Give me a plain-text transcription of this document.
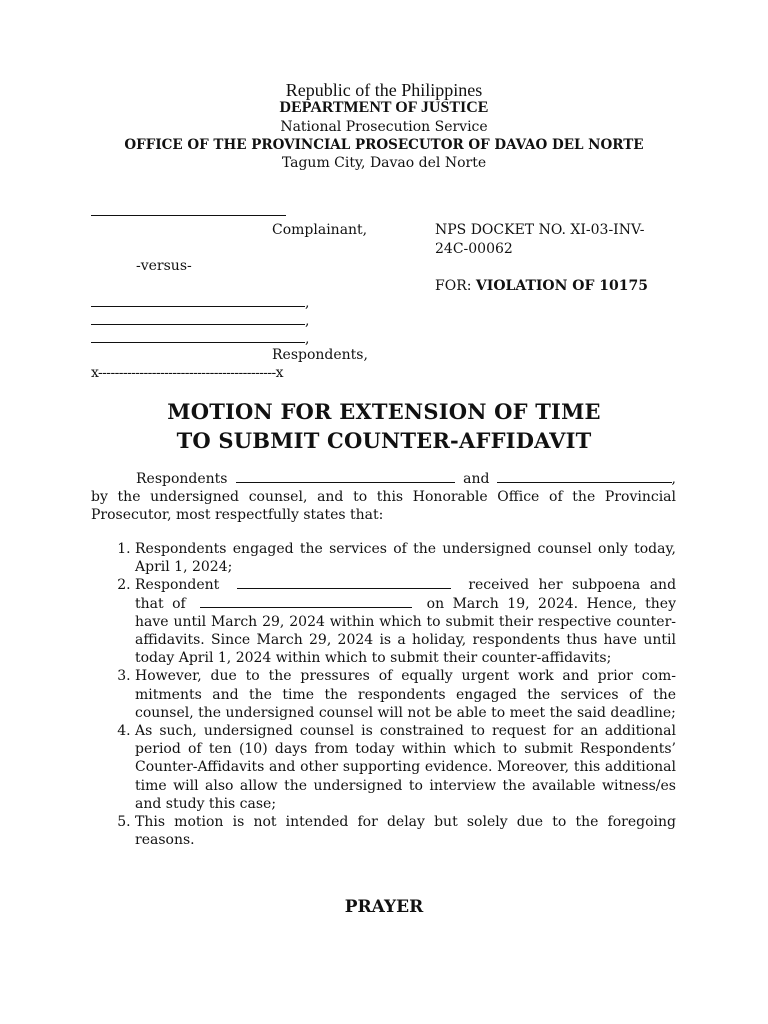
Republic of the Philippines
DEPARTMENT OF JUSTICE
National Prosecution Service
OFFICE OF THE PROVINCIAL PROSECUTOR OF DAVAO DEL NORTE
Tagum City, Davao del Norte
Complainant,
-versus-
,
,
,
Respondents,
x-------------------------------------------x
NPS DOCKET NO. XI-03-INV-
24C-00062
FOR: VIOLATION OF 10175
MOTION FOR EXTENSION OF TIME
TO SUBMIT COUNTER-AFFIDAVIT
Respondents	and	,
by the undersigned counsel, and to this Honorable Office of the Provincial Prosecutor, most respectfully states that:
1. Respondents engaged the services of the undersigned counsel only today, April 1, 2024;
2. Respondent	received her subpoena and that of	on March 19, 2024. Hence, they have until March 29, 2024 within which to submit their respective counter-affidavits. Since March 29, 2024 is a holiday, respondents thus have until today April 1, 2024 within which to submit their counter-affidavits;
3. However, due to the pressures of equally urgent work and prior commitments and the time the respondents engaged the services of the counsel, the undersigned counsel will not be able to meet the said deadline;
4. As such, undersigned counsel is constrained to request for an additional period of ten (10) days from today within which to submit Respondents’ Counter-Affidavits and other supporting evidence. Moreover, this additional time will also allow the undersigned to interview the available witness/es and study this case;
5. This motion is not intended for delay but solely due to the foregoing reasons.
PRAYER
